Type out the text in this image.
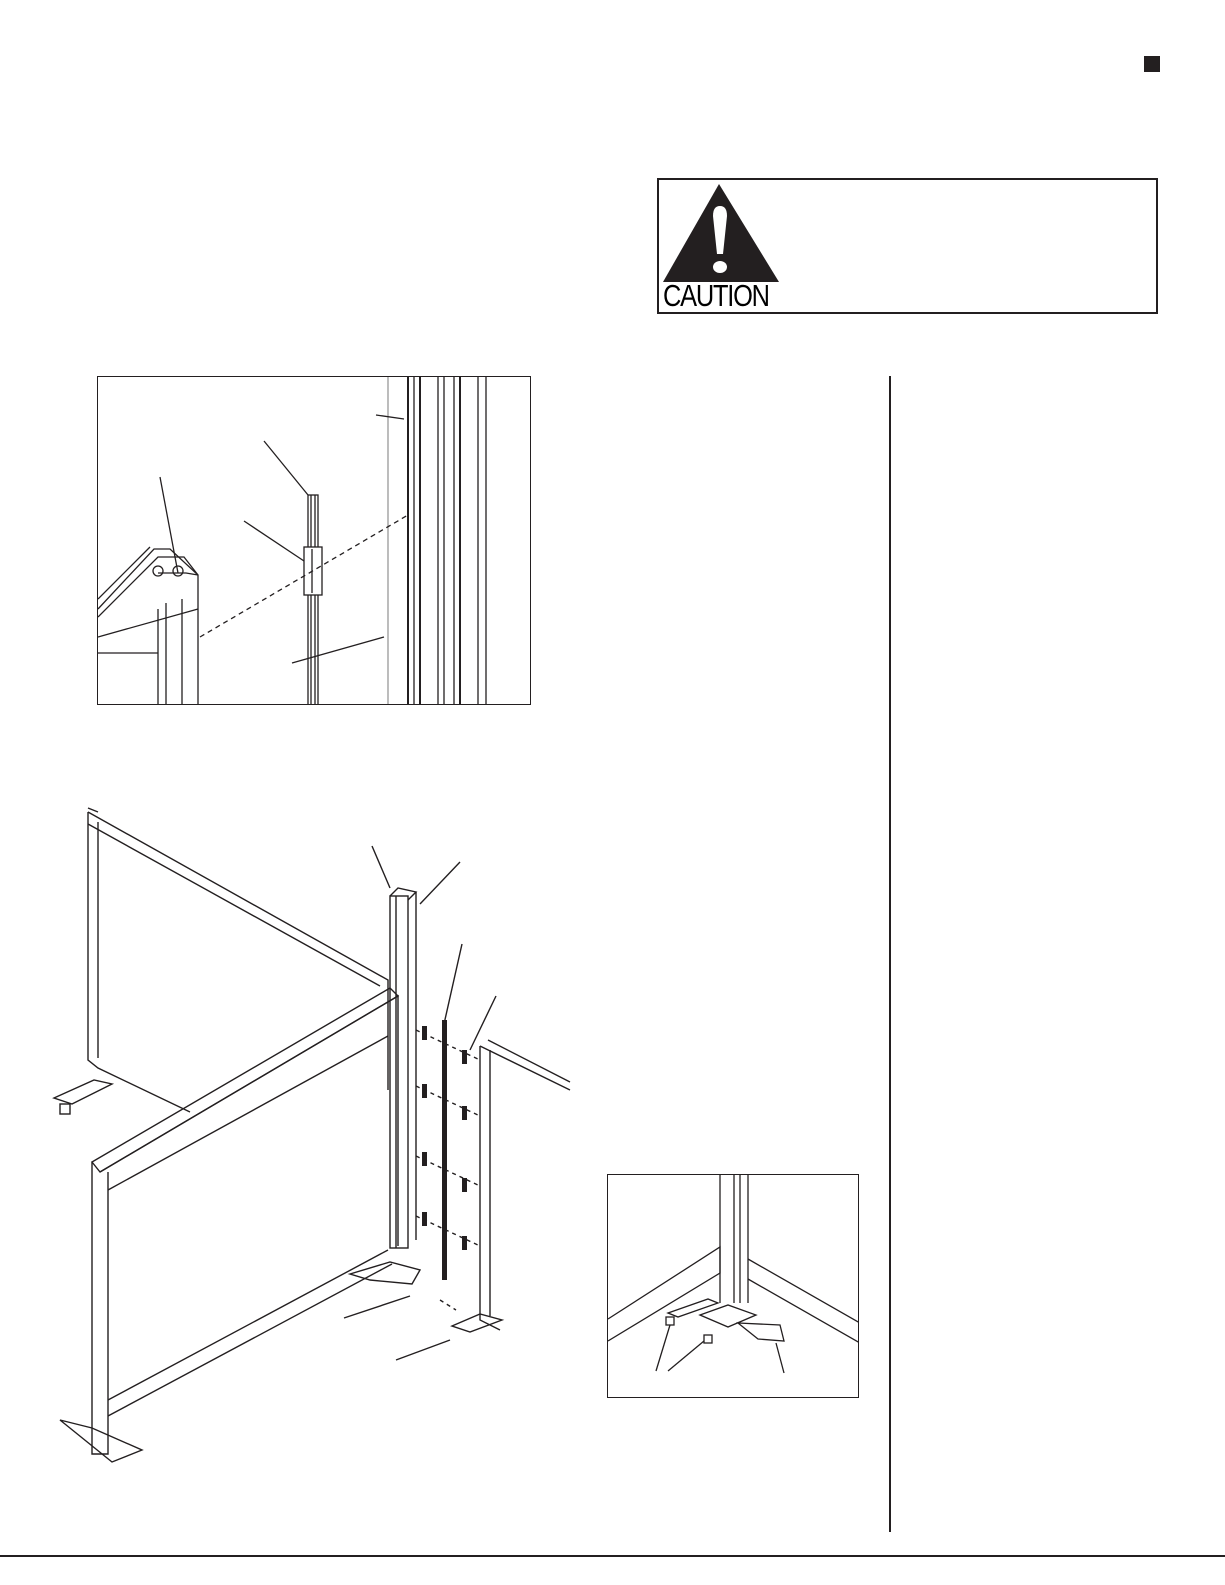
CAUTION
